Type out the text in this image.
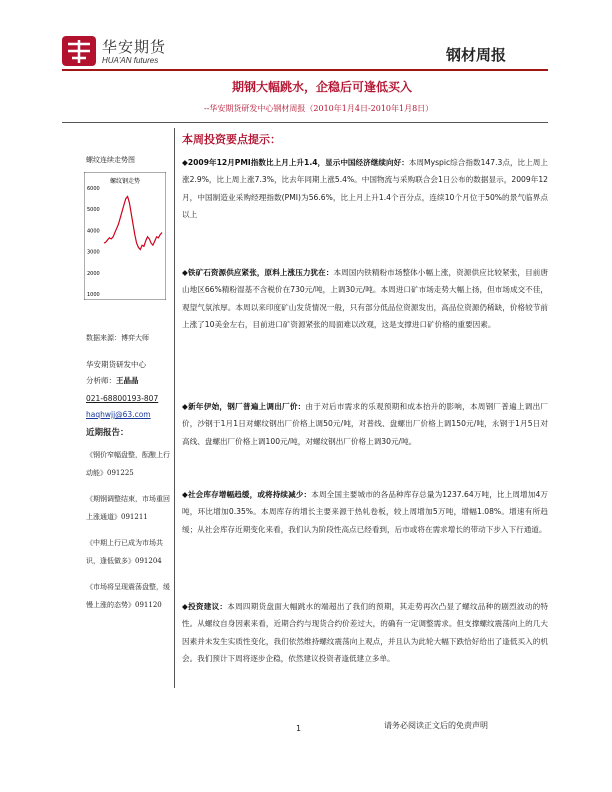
华安期货
HUA'AN futures	钢材周报
期钢大幅跳水，企稳后可逢低买入
--华安期货研发中心钢材周报（2010年1月4日-2010年1月8日）
螺纹连续走势图
螺纹钢走势
6000
5000
4000
3000
2000
1000
数据来源：博弈大师
华安期货研发中心
分析师：王晶晶
021-68800193-807
haqhwjj@63.com
近期报告：
《钢价窄幅盘整，酝酿上行动能》091225
《期钢调整结束，市场重回上涨通道》091211
《中期上行已成为市场共识，逢低做多》091204
《市场将呈现震荡盘整，缓慢上涨的态势》091120
本周投资要点提示：
◆2009年12月PMI指数比上月上升1.4，显示中国经济继续向好：本周Myspic综合指数147.3点，比上周上涨2.9%，比上周上涨7.3%，比去年同期上涨5.4%。中国物流与采购联合会1日公布的数据显示，2009年12月，中国制造业采购经理指数(PMI)为56.6%，比上月上升1.4个百分点，连续10个月位于50%的景气临界点以上
◆铁矿石资源供应紧张，原料上涨压力犹在：本周国内铁精粉市场整体小幅上涨，资源供应比较紧张，目前唐山地区66%精粉湿基不含税价在730元/吨，上调30元/吨。本周进口矿市场走势大幅上扬，但市场成交不佳，观望气氛浓厚。本周以来印度矿山发货情况一般，只有部分低品位资源发出，高品位资源仍稀缺，价格较节前上涨了10美金左右，目前进口矿资源紧张的局面难以改观，这是支撑进口矿价格的重要因素。
◆新年伊始，钢厂普遍上调出厂价：由于对后市需求的乐观预期和成本抬升的影响，本周钢厂普遍上调出厂价，沙钢于1月1日对螺纹钢出厂价格上调50元/吨，对普线、盘螺出厂价格上调150元/吨，永钢于1月5日对高线、盘螺出厂价格上调100元/吨，对螺纹钢出厂价格上调30元/吨。
◆社会库存增幅趋缓，或将持续减少：本周全国主要城市的各品种库存总量为1237.64万吨，比上周增加4万吨，环比增加0.35%。本周库存的增长主要来源于热轧卷板，较上周增加5万吨，增幅1.08%。增速有所趋缓；从社会库存近期变化来看，我们认为阶段性高点已经看到，后市或将在需求增长的带动下步入下行通道。
◆投资建议：本周四期货盘面大幅跳水的端超出了我们的预期，其走势再次凸显了螺纹品种的剧烈波动的特性。从螺纹自身因素来看，近期合约与现货合约价差过大，的确有一定调整需求。但支撑螺纹震荡向上的几大因素并未发生实质性变化，我们依然维持螺纹震荡向上观点，并且认为此轮大幅下跌恰好给出了逢低买入的机会。我们预计下周将逐步企稳，依然建议投资者逢低建立多单。
1	请务必阅读正文后的免责声明
